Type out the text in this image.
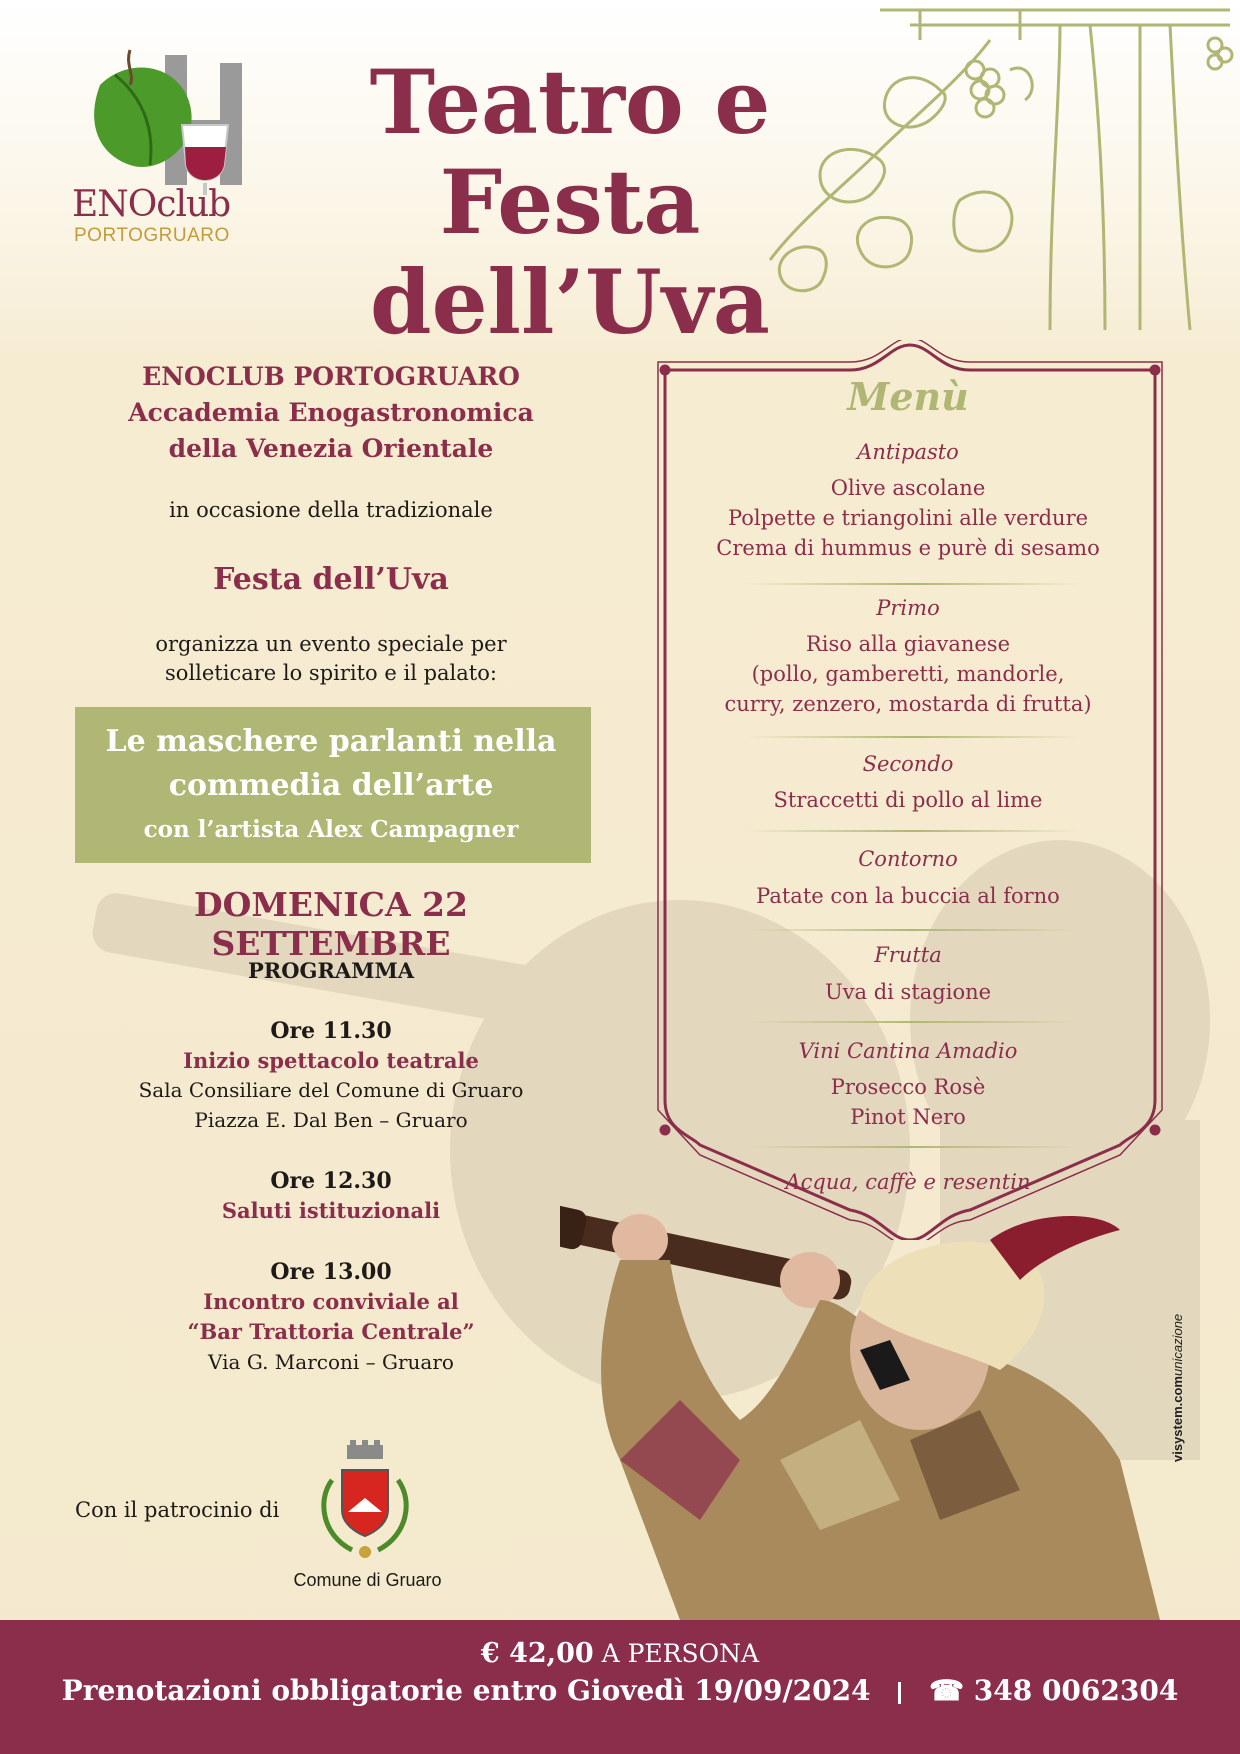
ENOclub
PORTOGRUARO
Teatro e Festa
dell’Uva
ENOCLUB PORTOGRUARO
Accademia Enogastronomica
della Venezia Orientale
in occasione della tradizionale
Festa dell’Uva
organizza un evento speciale per
solleticare lo spirito e il palato:
Le maschere parlanti nella
commedia dell’arte
con l’artista Alex Campagner
DOMENICA 22 SETTEMBRE
PROGRAMMA
Ore 11.30
Inizio spettacolo teatrale
Sala Consiliare del Comune di Gruaro
Piazza E. Dal Ben – Gruaro
Ore 12.30
Saluti istituzionali
Ore 13.00
Incontro conviviale al
“Bar Trattoria Centrale”
Via G. Marconi – Gruaro
Con il patrocinio di
Comune di Gruaro
Menù
Antipasto
Olive ascolane
Polpette e triangolini alle verdure
Crema di hummus e purè di sesamo
Primo
Riso alla giavanese
(pollo, gamberetti, mandorle,
curry, zenzero, mostarda di frutta)
Secondo
Straccetti di pollo al lime
Contorno
Patate con la buccia al forno
Frutta
Uva di stagione
Vini Cantina Amadio
Prosecco Rosè
Pinot Nero
Acqua, caffè e resentin
visystem.comunicazione
€ 42,00 A PERSONA
Prenotazioni obbligatorie entro Giovedì 19/09/2024 ☎ 348 0062304
